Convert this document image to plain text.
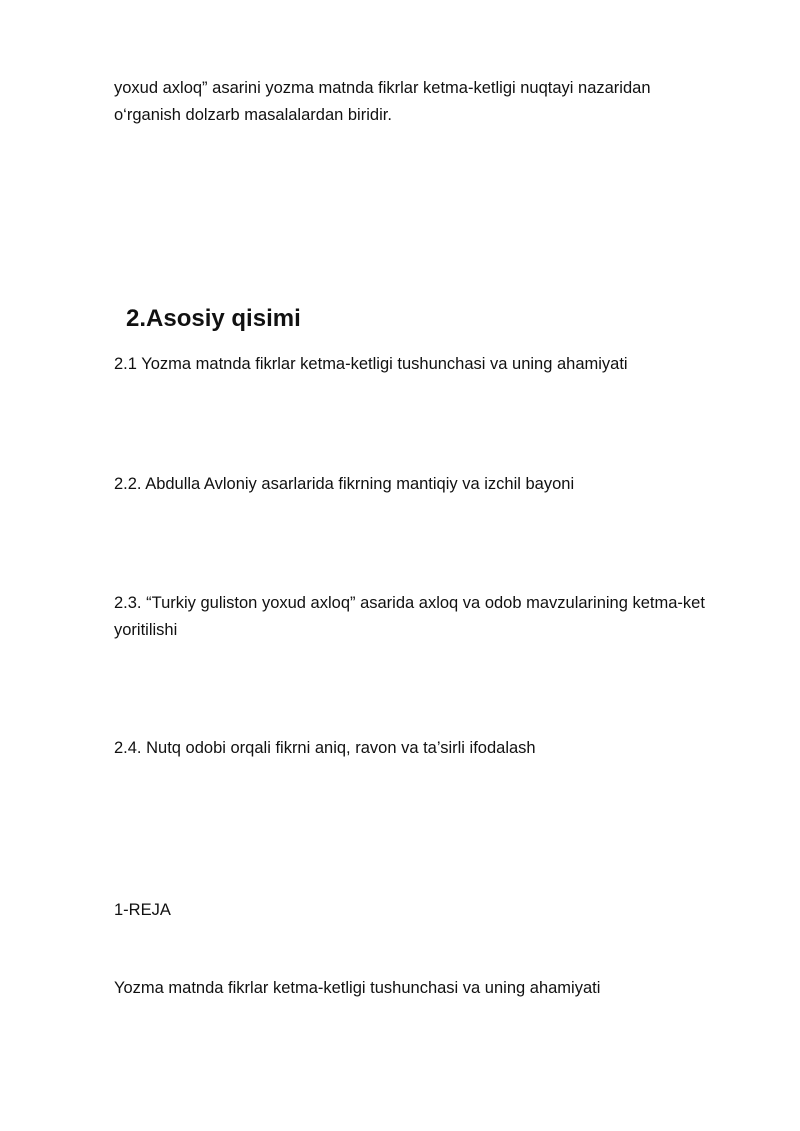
yoxud axloq” asarini yozma matnda fikrlar ketma-ketligi nuqtayi nazaridan
o‘rganish dolzarb masalalardan biridir.
2.Asosiy qisimi
2.1 Yozma matnda fikrlar ketma-ketligi tushunchasi va uning ahamiyati
2.2. Abdulla Avloniy asarlarida fikrning mantiqiy va izchil bayoni
2.3. “Turkiy guliston yoxud axloq” asarida axloq va odob mavzularining ketma-ket
yoritilishi
2.4. Nutq odobi orqali fikrni aniq, ravon va ta’sirli ifodalash
1-REJA
Yozma matnda fikrlar ketma-ketligi tushunchasi va uning ahamiyati
